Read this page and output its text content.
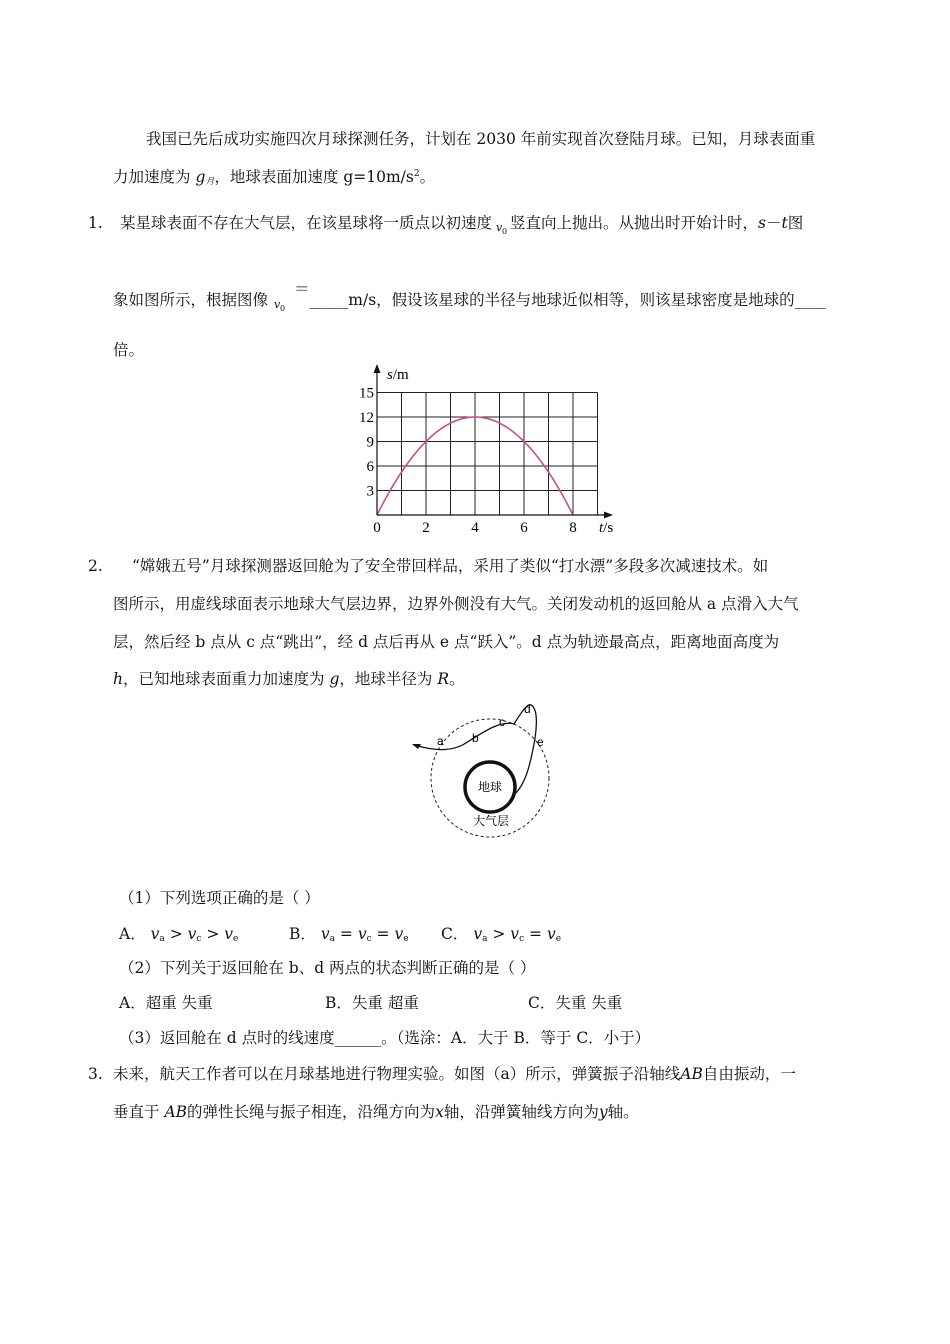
我国已先后成功实施四次月球探测任务，计划在 2030 年前实现首次登陆月球。已知，月球表面重
力加速度为 $g_月$，地球表面加速度 $g=10m/s^2$。
1. 某星球表面不存在大气层，在该星球将一质点以初速度 v 0 竖直向上抛出。从抛出时开始计时，s－t图
象如图所示，根据图像 v 0
＝_____m/s，假设该星球的半径与地球近似相等，则该星球密度是地球的____
倍。
0	2	4	6	8
3
6
9
12
15
s/m
t/s
2. “嫦娥五号”月球探测器返回舱为了安全带回样品，采用了类似“打水漂”多段多次减速技术。如
图所示，用虚线球面表示地球大气层边界，边界外侧没有大气。关闭发动机的返回舱从 a 点滑入大气
层，然后经 b 点从 c 点“跳出”，经 d 点后再从 e 点“跃入”。d 点为轨迹最高点，距离地面高度为
h，已知地球表面重力加速度为 g，地球半径为 R。
地球
大气层
a b
c
d
e
（1）下列选项正确的是（ ）
A． $v_a > v_c > v_e$	B． $v_a = v_c = v_e$ C． $v_a > v_c = v_e$
（2）下列关于返回舱在 b、d 两点的状态判断正确的是（ ）
A．超重 失重	B．失重 超重	C．失重 失重
（3）返回舱在 d 点时的线速度______。（选涂：A．大于 B．等于 C．小于）
3. 未来，航天工作者可以在月球基地进行物理实验。如图（a）所示，弹簧振子沿轴线AB自由振动，一
垂直于 AB的弹性长绳与振子相连，沿绳方向为x轴，沿弹簧轴线方向为y轴。
